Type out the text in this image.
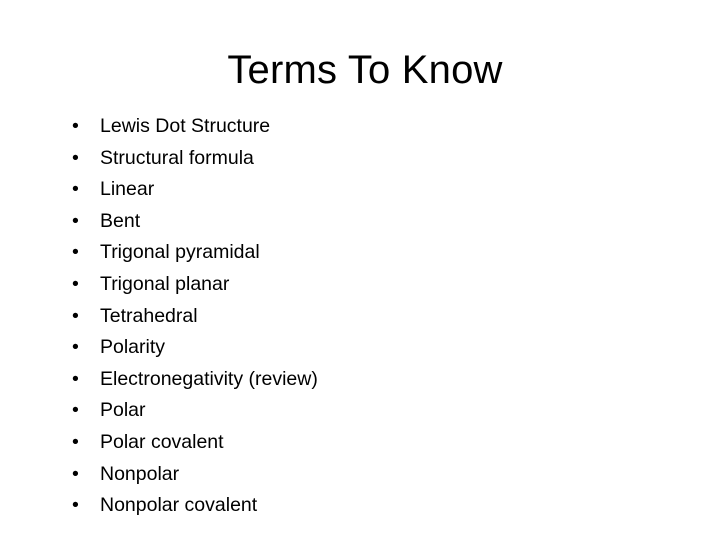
Terms To Know
•	Lewis Dot Structure
•	Structural formula
•	Linear
•	Bent
•	Trigonal pyramidal
•	Trigonal planar
•	Tetrahedral
•	Polarity
•	Electronegativity (review)
•	Polar
•	Polar covalent
•	Nonpolar
•	Nonpolar covalent
